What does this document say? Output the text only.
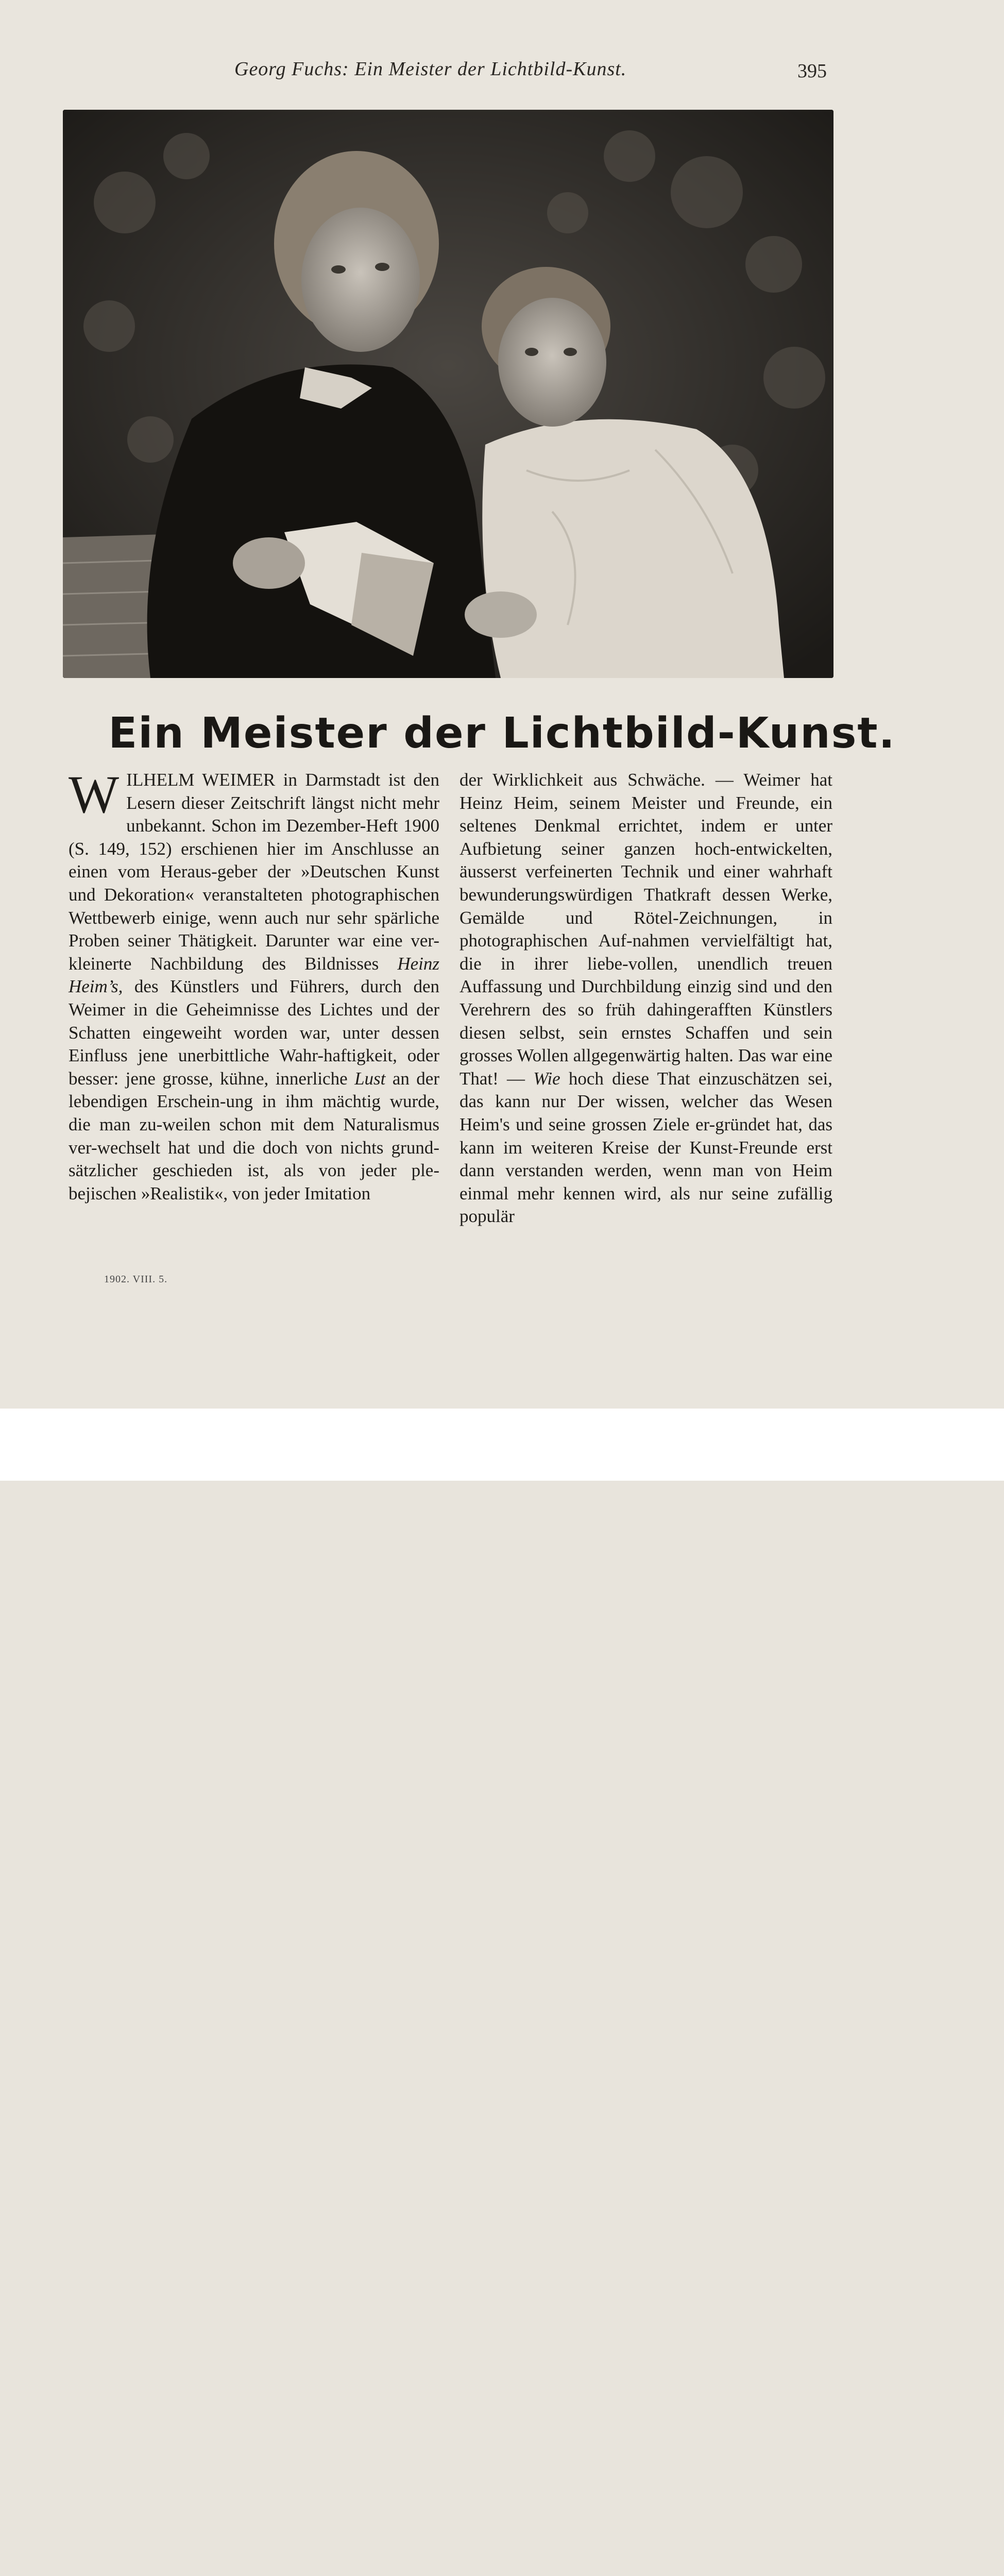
Georg Fuchs: Ein Meister der Lichtbild-Kunst.	395
Ein Meister der Lichtbild-Kunst.

WILHELM WEIMER in Darmstadt ist den Lesern dieser Zeitschrift längst nicht mehr unbekannt. Schon im Dezember-Heft 1900 (S. 149, 152) erschienen hier im Anschlusse an einen vom Heraus-geber der »Deutschen Kunst und Dekoration« veranstalteten photographischen Wettbewerb einige, wenn auch nur sehr spärliche Proben seiner Thätigkeit. Darunter war eine ver-kleinerte Nachbildung des Bildnisses Heinz Heim’s, des Künstlers und Führers, durch den Weimer in die Geheimnisse des Lichtes und der Schatten eingeweiht worden war, unter dessen Einfluss jene unerbittliche Wahr-haftigkeit, oder besser: jene grosse, kühne, innerliche Lust an der lebendigen Erschein-ung in ihm mächtig wurde, die man zu-weilen schon mit dem Naturalismus ver-wechselt hat und die doch von nichts grund-sätzlicher geschieden ist, als von jeder ple-bejischen »Realistik«, von jeder Imitation

der Wirklichkeit aus Schwäche. — Weimer hat Heinz Heim, seinem Meister und Freunde, ein seltenes Denkmal errichtet, indem er unter Aufbietung seiner ganzen hoch-entwickelten, äusserst verfeinerten Technik und einer wahrhaft bewunderungswürdigen Thatkraft dessen Werke, Gemälde und Rötel-Zeichnungen, in photographischen Auf-nahmen vervielfältigt hat, die in ihrer liebe-vollen, unendlich treuen Auffassung und Durchbildung einzig sind und den Verehrern des so früh dahingerafften Künstlers diesen selbst, sein ernstes Schaffen und sein grosses Wollen allgegenwärtig halten. Das war eine That! — Wie hoch diese That einzuschätzen sei, das kann nur Der wissen, welcher das Wesen Heim's und seine grossen Ziele er-gründet hat, das kann im weiteren Kreise der Kunst-Freunde erst dann verstanden werden, wenn man von Heim einmal mehr kennen wird, als nur seine zufällig populär

1902. VIII. 5.
